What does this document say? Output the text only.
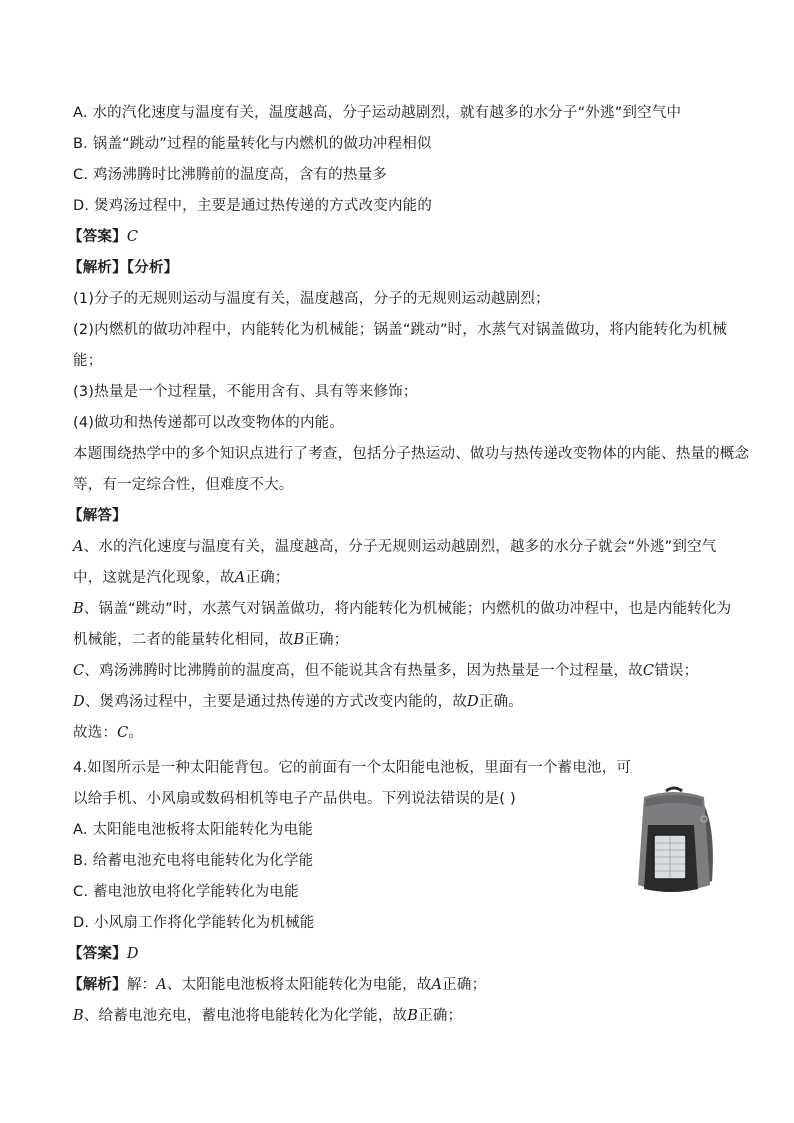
A. 水的汽化速度与温度有关，温度越高，分子运动越剧烈，就有越多的水分子“外逃”到空气中
B. 锅盖“跳动”过程的能量转化与内燃机的做功冲程相似
C. 鸡汤沸腾时比沸腾前的温度高，含有的热量多
D. 煲鸡汤过程中，主要是通过热传递的方式改变内能的
【答案】C
【解析】【分析】
(1)分子的无规则运动与温度有关，温度越高，分子的无规则运动越剧烈；
(2)内燃机的做功冲程中，内能转化为机械能；锅盖“跳动”时，水蒸气对锅盖做功，将内能转化为机械
能；
(3)热量是一个过程量，不能用含有、具有等来修饰；
(4)做功和热传递都可以改变物体的内能。
本题围绕热学中的多个知识点进行了考查，包括分子热运动、做功与热传递改变物体的内能、热量的概念
等，有一定综合性，但难度不大。
【解答】
A、水的汽化速度与温度有关，温度越高，分子无规则运动越剧烈，越多的水分子就会“外逃”到空气
中，这就是汽化现象，故A正确；
B、锅盖“跳动”时，水蒸气对锅盖做功，将内能转化为机械能；内燃机的做功冲程中，也是内能转化为
机械能，二者的能量转化相同，故B正确；
C、鸡汤沸腾时比沸腾前的温度高，但不能说其含有热量多，因为热量是一个过程量，故C错误；
D、煲鸡汤过程中，主要是通过热传递的方式改变内能的，故D正确。
故选：C。
4.如图所示是一种太阳能背包。它的前面有一个太阳能电池板，里面有一个蓄电池，可
以给手机、小风扇或数码相机等电子产品供电。下列说法错误的是( )
A. 太阳能电池板将太阳能转化为电能
B. 给蓄电池充电将电能转化为化学能
C. 蓄电池放电将化学能转化为电能
D. 小风扇工作将化学能转化为机械能
【答案】D
【解析】解：A、太阳能电池板将太阳能转化为电能，故A正确；
B、给蓄电池充电，蓄电池将电能转化为化学能，故B正确；
